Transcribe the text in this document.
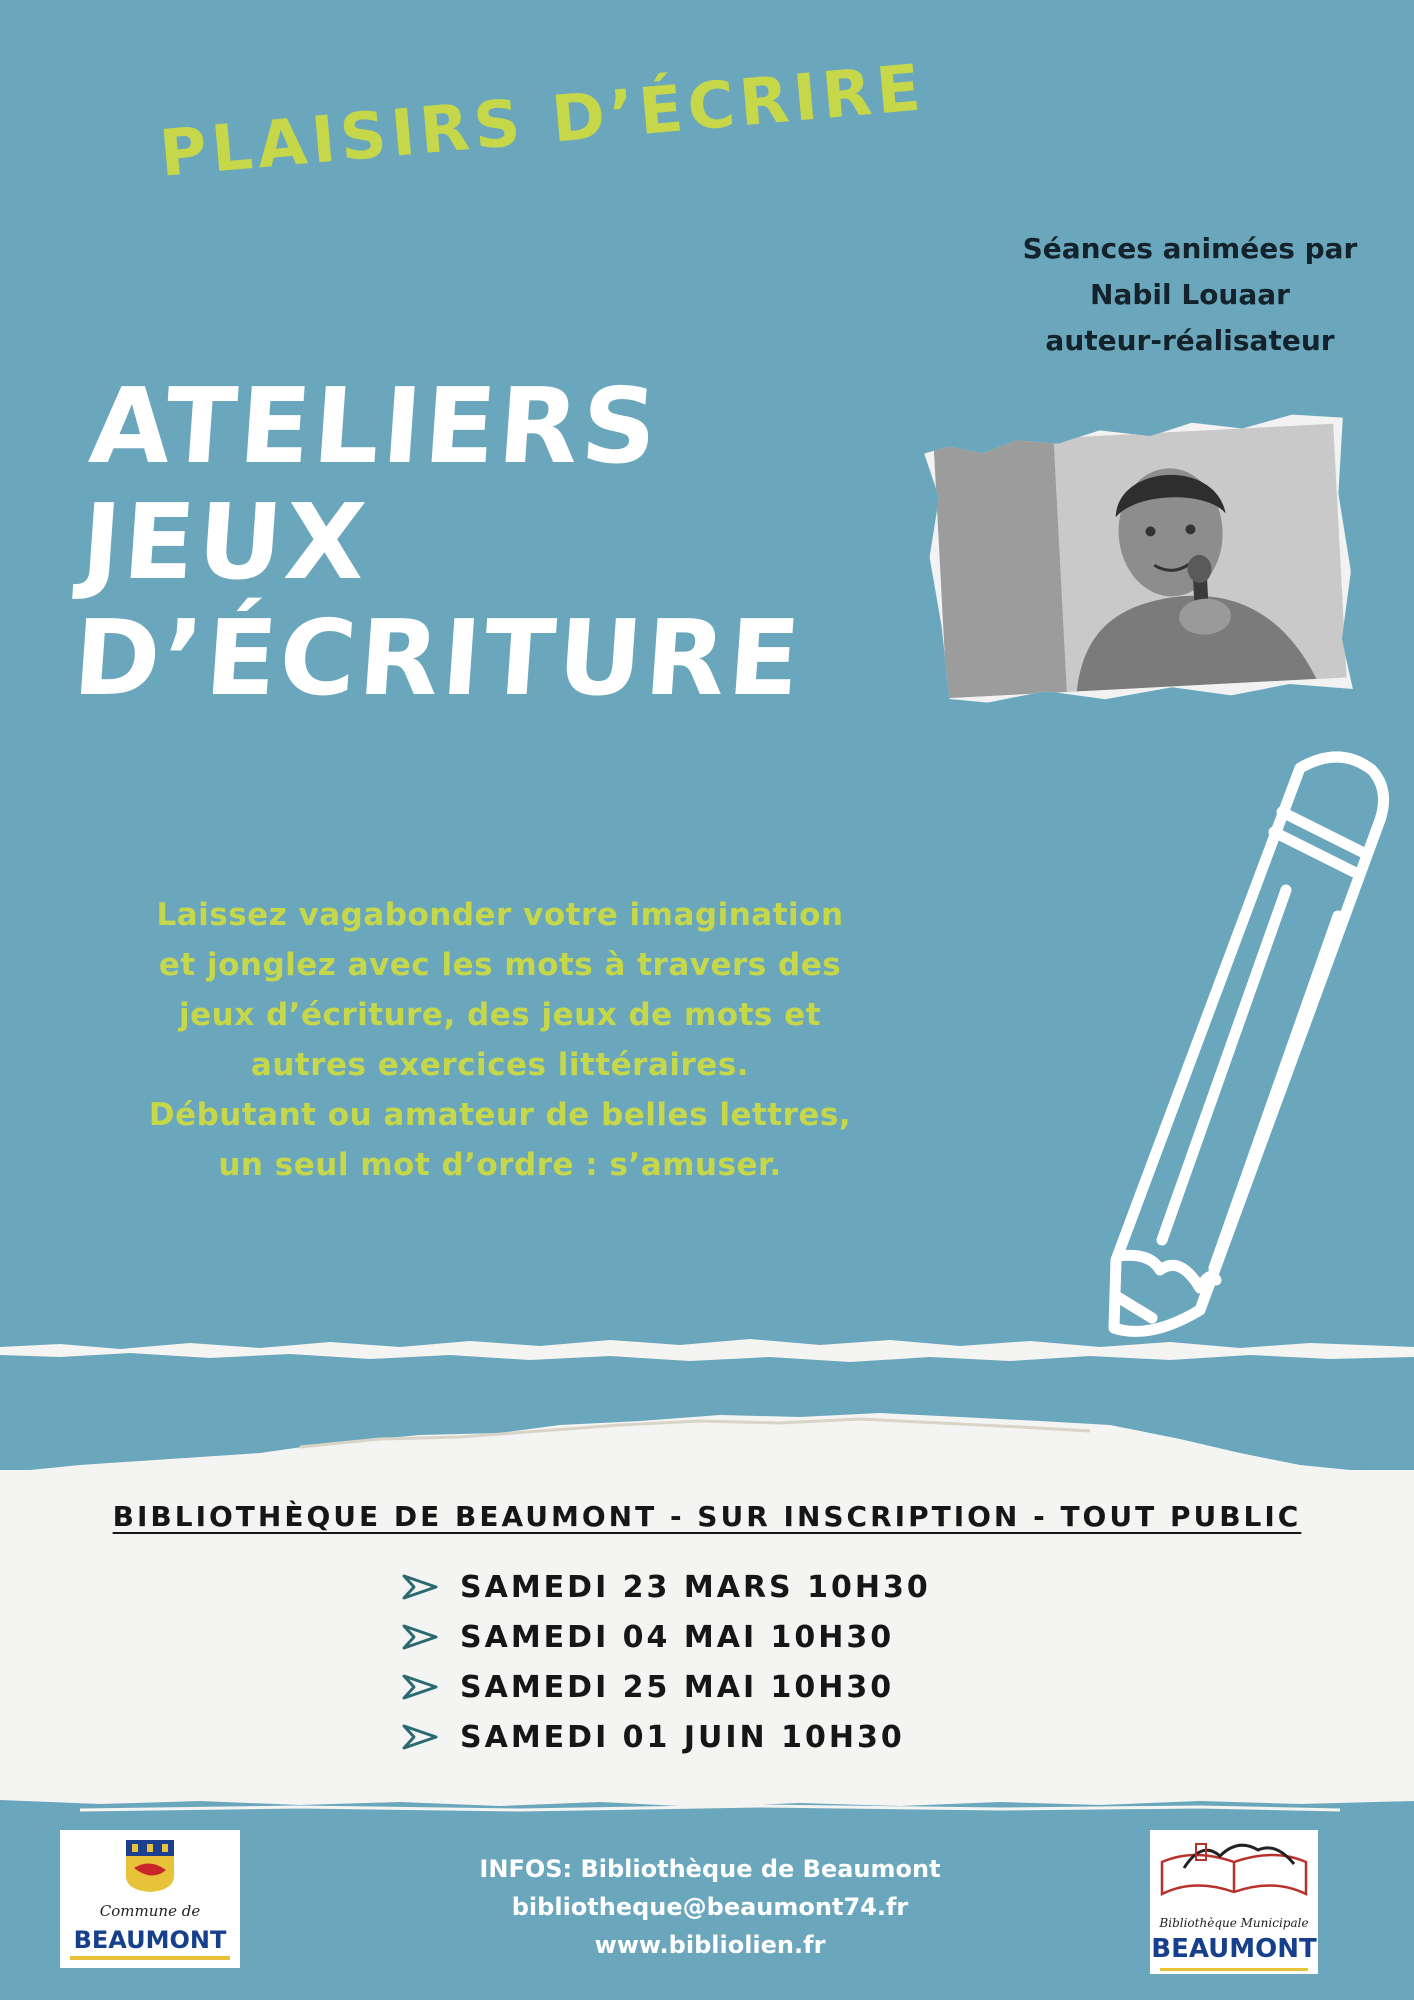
PLAISIRS D’ÉCRIRE
Séances animées par
Nabil Louaar
auteur-réalisateur
ATELIERS
JEUX
D’ÉCRITURE
Laissez vagabonder votre imagination
et jonglez avec les mots à travers des
jeux d’écriture, des jeux de mots et
autres exercices littéraires.
Débutant ou amateur de belles lettres,
un seul mot d’ordre : s’amuser.
BIBLIOTHÈQUE DE BEAUMONT - SUR INSCRIPTION - TOUT PUBLIC
SAMEDI 23 MARS 10H30
SAMEDI 04 MAI 10H30
SAMEDI 25 MAI 10H30
SAMEDI 01 JUIN 10H30
Commune de
BEAUMONT
INFOS: Bibliothèque de Beaumont
bibliotheque@beaumont74.fr
www.bibliolien.fr
Bibliothèque Municipale
BEAUMONT
